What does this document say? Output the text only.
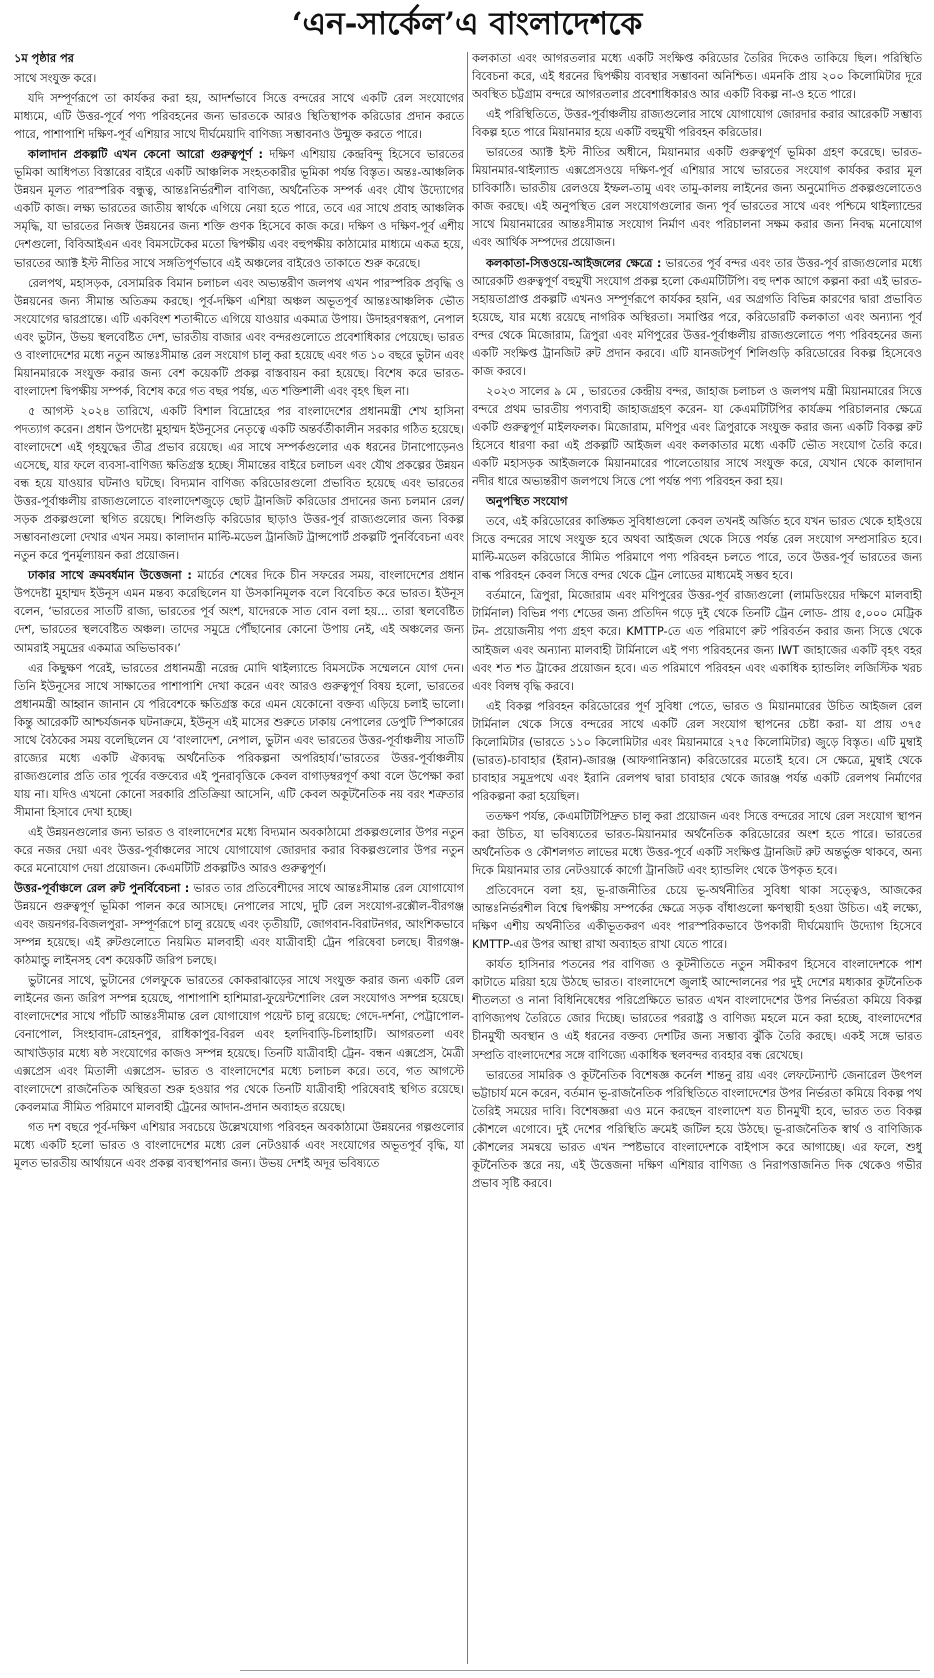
‘এন-সার্কেল’এ বাংলাদেশকে

১ম পৃষ্ঠার পর

সাথে সংযুক্ত করে।

যদি সম্পূর্ণরূপে তা কার্যকর করা হয়, আদর্শভাবে সিত্তে বন্দরের সাথে একটি রেল সংযোগের মাধ্যমে, এটি উত্তর-পূর্বে পণ্য পরিবহনের জন্য ভারতকে আরও স্থিতিস্থাপক করিডোর প্রদান করতে পারে, পাশাপাশি দক্ষিণ-পূর্ব এশিয়ার সাথে দীর্ঘমেয়াদি বাণিজ্য সম্ভাবনাও উন্মুক্ত করতে পারে।

কালাদান প্রকল্পটি এখন কেনো আরো গুরুত্বপূর্ণ : দক্ষিণ এশিয়ায় কেন্দ্রবিন্দু হিসেবে ভারতের ভূমিকা আধিপত্য বিস্তারের বাইরে একটি আঞ্চলিক সংহতকারীর ভূমিকা পর্যন্ত বিস্তৃত। অন্তঃ-আঞ্চলিক উন্নয়ন মূলত পারস্পরিক বন্ধুত্ব, আন্তঃনির্ভরশীল বাণিজ্য, অর্থনৈতিক সম্পর্ক এবং যৌথ উদ্যোগের একটি কাজ। লক্ষ্য ভারতের জাতীয় স্বার্থকে এগিয়ে নেয়া হতে পারে, তবে এর সাথে প্রবাহ আঞ্চলিক সমৃদ্ধি, যা ভারতের নিজস্ব উন্নয়নের জন্য শক্তি গুণক হিসেবে কাজ করে। দক্ষিণ ও দক্ষিণ-পূর্ব এশীয় দেশগুলো, বিবিআইএন এবং বিমসটেকের মতো দ্বিপক্ষীয় এবং বহুপক্ষীয় কাঠামোর মাধ্যমে একত্র হয়ে, ভারতের অ্যাক্ট ইস্ট নীতির সাথে সঙ্গতিপূর্ণভাবে এই অঞ্চলের বাইরেও তাকাতে শুরু করেছে।

রেলপথ, মহাসড়ক, বেসামরিক বিমান চলাচল এবং অভ্যন্তরীণ জলপথ এখন পারস্পরিক প্রবৃদ্ধি ও উন্নয়নের জন্য সীমান্ত অতিক্রম করছে। পূর্ব-দক্ষিণ এশিয়া অঞ্চল অভূতপূর্ব আন্তঃআঞ্চলিক ভৌত সংযোগের দ্বারপ্রান্তে। এটি একবিংশ শতাব্দীতে এগিয়ে যাওয়ার একমাত্র উপায়। উদাহরণস্বরূপ, নেপাল এবং ভুটান, উভয় স্থলবেষ্টিত দেশ, ভারতীয় বাজার এবং বন্দরগুলোতে প্রবেশাধিকার পেয়েছে। ভারত ও বাংলাদেশের মধ্যে নতুন আন্তঃসীমান্ত রেল সংযোগ চালু করা হয়েছে এবং গত ১০ বছরে ভুটান এবং মিয়ানমারকে সংযুক্ত করার জন্য বেশ কয়েকটি প্রকল্প বাস্তবায়ন করা হয়েছে। বিশেষ করে ভারত-বাংলাদেশ দ্বিপক্ষীয় সম্পর্ক, বিশেষ করে গত বছর পর্যন্ত, এত শক্তিশালী এবং বৃহৎ ছিল না।

৫ আগস্ট ২০২৪ তারিখে, একটি বিশাল বিদ্রোহের পর বাংলাদেশের প্রধানমন্ত্রী শেখ হাসিনা পদত্যাগ করেন। প্রধান উপদেষ্টা মুহাম্মদ ইউনূসের নেতৃত্বে একটি অন্তর্বর্তীকালীন সরকার গঠিত হয়েছে। বাংলাদেশে এই গৃহযুদ্ধের তীব্র প্রভাব রয়েছে। এর সাথে সম্পর্কগুলোর এক ধরনের টানাপোড়েনও এসেছে, যার ফলে ব্যবসা-বাণিজ্য ক্ষতিগ্রস্ত হচ্ছে। সীমান্তের বাইরে চলাচল এবং যৌথ প্রকল্পের উন্নয়ন বন্ধ হয়ে যাওয়ার ঘটনাও ঘটছে। বিদ্যমান বাণিজ্য করিডোরগুলো প্রভাবিত হয়েছে এবং ভারতের উত্তর-পূর্বাঞ্চলীয় রাজ্যগুলোতে বাংলাদেশজুড়ে ছোট ট্রানজিট করিডোর প্রদানের জন্য চলমান রেল/সড়ক প্রকল্পগুলো স্থগিত রয়েছে। শিলিগুড়ি করিডোর ছাড়াও উত্তর-পূর্ব রাজ্যগুলোর জন্য বিকল্প সম্ভাবনাগুলো দেখার এখন সময়। কালাদান মাল্টি-মডেল ট্রানজিট ট্রান্সপোর্ট প্রকল্পটি পুনর্বিবেচনা এবং নতুন করে পুনর্মূল্যায়ন করা প্রয়োজন।

ঢাকার সাথে ক্রমবর্ধমান উত্তেজনা : মার্চের শেষের দিকে চীন সফরের সময়, বাংলাদেশের প্রধান উপদেষ্টা মুহাম্মদ ইউনূস এমন মন্তব্য করেছিলেন যা উসকানিমূলক বলে বিবেচিত করে ভারত। ইউনূস বলেন, ‘ভারতের সাতটি রাজ্য, ভারতের পূর্ব অংশ, যাদেরকে সাত বোন বলা হয়... তারা স্থলবেষ্টিত দেশ, ভারতের স্থলবেষ্টিত অঞ্চল। তাদের সমুদ্রে পৌঁছানোর কোনো উপায় নেই, এই অঞ্চলের জন্য আমরাই সমুদ্রের একমাত্র অভিভাবক।’

এর কিছুক্ষণ পরেই, ভারতের প্রধানমন্ত্রী নরেন্দ্র মোদি থাইল্যান্ডে বিমসটেক সম্মেলনে যোগ দেন। তিনি ইউনূসের সাথে সাক্ষাতের পাশাপাশি দেখা করেন এবং আরও গুরুত্বপূর্ণ বিষয় হলো, ভারতের প্রধানমন্ত্রী আহ্বান জানান যে পরিবেশকে ক্ষতিগ্রস্ত করে এমন যেকোনো বক্তব্য এড়িয়ে চলাই ভালো। কিন্তু আরেকটি আশ্চর্যজনক ঘটনাক্রমে, ইউনূস এই মাসের শুরুতে ঢাকায় নেপালের ডেপুটি স্পিকারের সাথে বৈঠকের সময় বলেছিলেন যে ‘বাংলাদেশ, নেপাল, ভুটান এবং ভারতের উত্তর-পূর্বাঞ্চলীয় সাতটি রাজ্যের মধ্যে একটি ঐক্যবদ্ধ অর্থনৈতিক পরিকল্পনা অপরিহার্য।’ভারতের উত্তর-পূর্বাঞ্চলীয় রাজ্যগুলোর প্রতি তার পূর্বের বক্তব্যের এই পুনরাবৃত্তিকে কেবল বাগাড়ম্বরপূর্ণ কথা বলে উপেক্ষা করা যায় না। যদিও এখনো কোনো সরকারি প্রতিক্রিয়া আসেনি, এটি কেবল অকূটনৈতিক নয় বরং শত্রুতার সীমানা হিসাবে দেখা হচ্ছে।

এই উন্নয়নগুলোর জন্য ভারত ও বাংলাদেশের মধ্যে বিদ্যমান অবকাঠামো প্রকল্পগুলোর উপর নতুন করে নজর দেয়া এবং উত্তর-পূর্বাঞ্চলের সাথে যোগাযোগ জোরদার করার বিকল্পগুলোর উপর নতুন করে মনোযোগ দেয়া প্রয়োজন। কেএমটিটি প্রকল্পটিও আরও গুরুত্বপূর্ণ।

উত্তর-পূর্বাঞ্চলে রেল রুট পুনর্বিবেচনা : ভারত তার প্রতিবেশীদের সাথে আন্তঃসীমান্ত রেল যোগাযোগ উন্নয়নে গুরুত্বপূর্ণ ভূমিকা পালন করে আসছে। নেপালের সাথে, দুটি রেল সংযোগ-রক্সৌল-বীরগঞ্জ এবং জয়নগর-বিজলপুরা- সম্পূর্ণরূপে চালু রয়েছে এবং তৃতীয়টি, জোগবান-বিরাটনগর, আংশিকভাবে সম্পন্ন হয়েছে। এই রুটগুলোতে নিয়মিত মালবাহী এবং যাত্রীবাহী ট্রেন পরিষেবা চলছে। বীরগঞ্জ-কাঠমান্ডু লাইনসহ বেশ কয়েকটি জরিপ চলছে।

ভুটানের সাথে, ভুটানের গেলফুকে ভারতের কোকরাঝাড়ের সাথে সংযুক্ত করার জন্য একটি রেল লাইনের জন্য জরিপ সম্পন্ন হয়েছে, পাশাপাশি হাশিমারা-ফুয়েন্টশোলিং রেল সংযোগও সম্পন্ন হয়েছে। বাংলাদেশের সাথে পাঁচটি আন্তঃসীমান্ত রেল যোগাযোগ পয়েন্ট চালু রয়েছে: গেদে-দর্শনা, পেট্রাপোল-বেনাপোল, সিংহাবাদ-রোহনপুর, রাধিকাপুর-বিরল এবং হলদিবাড়ি-চিলাহাটি। আগরতলা এবং আখাউড়ার মধ্যে ষষ্ঠ সংযোগের কাজও সম্পন্ন হয়েছে। তিনটি যাত্রীবাহী ট্রেন- বন্ধন এক্সপ্রেস, মৈত্রী এক্সপ্রেস এবং মিতালী এক্সপ্রেস- ভারত ও বাংলাদেশের মধ্যে চলাচল করে। তবে, গত আগস্টে বাংলাদেশে রাজনৈতিক অস্থিরতা শুরু হওয়ার পর থেকে তিনটি যাত্রীবাহী পরিষেবাই স্থগিত রয়েছে। কেবলমাত্র সীমিত পরিমাণে মালবাহী ট্রেনের আদান-প্রদান অব্যাহত রয়েছে।

গত দশ বছরে পূর্ব-দক্ষিণ এশিয়ার সবচেয়ে উল্লেখযোগ্য পরিবহন অবকাঠামো উন্নয়নের গল্পগুলোর মধ্যে একটি হলো ভারত ও বাংলাদেশের মধ্যে রেল নেটওয়ার্ক এবং সংযোগের অভূতপূর্ব বৃদ্ধি, যা মূলত ভারতীয় আর্থায়নে এবং প্রকল্প ব্যবস্থাপনার জন্য। উভয় দেশই অদূর ভবিষ্যতে

কলকাতা এবং আগরতলার মধ্যে একটি সংক্ষিপ্ত করিডোর তৈরির দিকেও তাকিয়ে ছিল। পরিস্থিতি বিবেচনা করে, এই ধরনের দ্বিপক্ষীয় ব্যবস্থার সম্ভাবনা অনিশ্চিত। এমনকি প্রায় ২০০ কিলোমিটার দূরে অবস্থিত চট্টগ্রাম বন্দরে আগরতলার প্রবেশাধিকারও আর একটি বিকল্প না-ও হতে পারে।

এই পরিস্থিতিতে, উত্তর-পূর্বাঞ্চলীয় রাজ্যগুলোর সাথে যোগাযোগ জোরদার করার আরেকটি সম্ভাব্য বিকল্প হতে পারে মিয়ানমার হয়ে একটি বহুমুখী পরিবহন করিডোর।

ভারতের অ্যাক্ট ইস্ট নীতির অধীনে, মিয়ানমার একটি গুরুত্বপূর্ণ ভূমিকা গ্রহণ করেছে। ভারত-মিয়ানমার-থাইল্যান্ড এক্সপ্রেসওয়ে দক্ষিণ-পূর্ব এশিয়ার সাথে ভারতের সংযোগ কার্যকর করার মূল চাবিকাঠি। ভারতীয় রেলওয়ে ইম্ফল-তামু এবং তামু-কালয় লাইনের জন্য অনুমোদিত প্রকল্পগুলোতেও কাজ করছে। এই অনুপস্থিত রেল সংযোগগুলোর জন্য পূর্ব ভারতের সাথে এবং পশ্চিমে থাইল্যান্ডের সাথে মিয়ানমারের আন্তঃসীমান্ত সংযোগ নির্মাণ এবং পরিচালনা সক্ষম করার জন্য নিবদ্ধ মনোযোগ এবং আর্থিক সম্পদের প্রয়োজন।

কলকাতা-সিত্তওয়ে-আইজলের ক্ষেত্রে : ভারতের পূর্ব বন্দর এবং তার উত্তর-পূর্ব রাজ্যগুলোর মধ্যে আরেকটি গুরুত্বপূর্ণ বহুমুখী সংযোগ প্রকল্প হলো কেএমটিটিপি। বহু দশক আগে কল্পনা করা এই ভারত-সহায়তাপ্রাপ্ত প্রকল্পটি এখনও সম্পূর্ণরূপে কার্যকর হয়নি, এর অগ্রগতি বিভিন্ন কারণের দ্বারা প্রভাবিত হয়েছে, যার মধ্যে রয়েছে নাগরিক অস্থিরতা। সমাপ্তির পরে, করিডোরটি কলকাতা এবং অন্যান্য পূর্ব বন্দর থেকে মিজোরাম, ত্রিপুরা এবং মণিপুরের উত্তর-পূর্বাঞ্চলীয় রাজ্যগুলোতে পণ্য পরিবহনের জন্য একটি সংক্ষিপ্ত ট্রানজিট রুট প্রদান করবে। এটি যানজটপূর্ণ শিলিগুড়ি করিডোরের বিকল্প হিসেবেও কাজ করবে।

২০২৩ সালের ৯ মে , ভারতের কেন্দ্রীয় বন্দর, জাহাজ চলাচল ও জলপথ মন্ত্রী মিয়ানমারের সিত্তে বন্দরে প্রথম ভারতীয় পণ্যবাহী জাহাজগ্রহণ করেন- যা কেএমটিটিপির কার্যক্রম পরিচালনার ক্ষেত্রে একটি গুরুত্বপূর্ণ মাইলফলক। মিজোরাম, মণিপুর এবং ত্রিপুরাকে সংযুক্ত করার জন্য একটি বিকল্প রুট হিসেবে ধারণা করা এই প্রকল্পটি আইজল এবং কলকাতার মধ্যে একটি ভৌত সংযোগ তৈরি করে। একটি মহাসড়ক আইজলকে মিয়ানমারের পালেতোয়ার সাথে সংযুক্ত করে, যেখান থেকে কালাদান নদীর ধারে অভ্যন্তরীণ জলপথে সিত্তে পো পর্যন্ত পণ্য পরিবহন করা হয়।

অনুপস্থিত সংযোগ

তবে, এই করিডোরের কাঙ্ক্ষিত সুবিধাগুলো কেবল তখনই অর্জিত হবে যখন ভারত থেকে হাইওয়ে সিত্তে বন্দরের সাথে সংযুক্ত হবে অথবা আইজল থেকে সিত্তে পর্যন্ত রেল সংযোগ সম্প্রসারিত হবে। মাল্টি-মডেল করিডোরে সীমিত পরিমাণে পণ্য পরিবহন চলতে পারে, তবে উত্তর-পূর্ব ভারতের জন্য বাল্ক পরিবহন কেবল সিত্তে বন্দর থেকে ট্রেন লোডের মাধ্যমেই সম্ভব হবে।

বর্তমানে, ত্রিপুরা, মিজোরাম এবং মণিপুরের উত্তর-পূর্ব রাজ্যগুলো (লামডিংয়ের দক্ষিণে মালবাহী টার্মিনাল) বিভিন্ন পণ্য শেডের জন্য প্রতিদিন গড়ে দুই থেকে তিনটি ট্রেন লোড- প্রায় ৫,০০০ মেট্রিক টন- প্রয়োজনীয় পণ্য গ্রহণ করে। KMTTP-তে এত পরিমাণে রুট পরিবর্তন করার জন্য সিত্তে থেকে আইজল এবং অন্যান্য মালবাহী টার্মিনালে এই পণ্য পরিবহনের জন্য IWT জাহাজের একটি বৃহৎ বহর এবং শত শত ট্রাকের প্রয়োজন হবে। এত পরিমাণে পরিবহন এবং একাধিক হ্যান্ডলিং লজিস্টিক খরচ এবং বিলম্ব বৃদ্ধি করবে।

এই বিকল্প পরিবহন করিডোরের পূর্ণ সুবিধা পেতে, ভারত ও মিয়ানমারের উচিত আইজল রেল টার্মিনাল থেকে সিত্তে বন্দরের সাথে একটি রেল সংযোগ স্থাপনের চেষ্টা করা- যা প্রায় ৩৭৫ কিলোমিটার (ভারতে ১১০ কিলোমিটার এবং মিয়ানমারে ২৭৫ কিলোমিটার) জুড়ে বিস্তৃত। এটি মুম্বাই (ভারত)-চাবাহার (ইরান)-জারঞ্জ (আফগানিস্তান) করিডোরের মতোই হবে। সে ক্ষেত্রে, মুম্বাই থেকে চাবাহার সমুদ্রপথে এবং ইরানি রেলপথ দ্বারা চাবাহার থেকে জারঞ্জ পর্যন্ত একটি রেলপথ নির্মাণের পরিকল্পনা করা হয়েছিল।

ততক্ষণ পর্যন্ত, কেএমটিটিপিদ্রুত চালু করা প্রয়োজন এবং সিত্তে বন্দরের সাথে রেল সংযোগ স্থাপন করা উচিত, যা ভবিষ্যতের ভারত-মিয়ানমার অর্থনৈতিক করিডোরের অংশ হতে পারে। ভারতের অর্থনৈতিক ও কৌশলগত লাভের মধ্যে উত্তর-পূর্বে একটি সংক্ষিপ্ত ট্রানজিট রুট অন্তর্ভুক্ত থাকবে, অন্য দিকে মিয়ানমার তার নেটওয়ার্কে কার্গো ট্রানজিট এবং হ্যান্ডলিং থেকে উপকৃত হবে।

প্রতিবেদনে বলা হয়, ভূ-রাজনীতির চেয়ে ভূ-অর্থনীতির সুবিধা থাকা সত্ত্বেও, আজকের আন্তঃনির্ভরশীল বিশ্বে দ্বিপক্ষীয় সম্পর্কের ক্ষেত্রে সড়ক বাঁধাগুলো ক্ষণস্থায়ী হওয়া উচিত। এই লক্ষ্যে, দক্ষিণ এশীয় অর্থনীতির একীভূতকরণ এবং পারস্পরিকভাবে উপকারী দীর্ঘমেয়াদি উদ্যোগ হিসেবে KMTTP-এর উপর আস্থা রাখা অব্যাহত রাখা যেতে পারে।

কার্যত হাসিনার পতনের পর বাণিজ্য ও কূটনীতিতে নতুন সমীকরণ হিসেবে বাংলাদেশকে পাশ কাটাতে মরিয়া হয়ে উঠছে ভারত। বাংলাদেশে জুলাই আন্দোলনের পর দুই দেশের মধ্যকার কূটনৈতিক শীতলতা ও নানা বিধিনিষেধের পরিপ্রেক্ষিতে ভারত এখন বাংলাদেশের উপর নির্ভরতা কমিয়ে বিকল্প বাণিজ্যপথ তৈরিতে জোর দিচ্ছে। ভারতের পররাষ্ট্র ও বাণিজ্য মহলে মনে করা হচ্ছে, বাংলাদেশের চীনমুখী অবস্থান ও এই ধরনের বক্তব্য দেশটির জন্য সম্ভাব্য ঝুঁকি তৈরি করছে। একই সঙ্গে ভারত সম্প্রতি বাংলাদেশের সঙ্গে বাণিজ্যে একাধিক স্থলবন্দর ব্যবহার বন্ধ রেখেছে।

ভারতের সামরিক ও কূটনৈতিক বিশেষজ্ঞ কর্নেল শান্তনু রায় এবং লেফটেন্যান্ট জেনারেল উৎপল ভট্টাচার্য মনে করেন, বর্তমান ভূ-রাজনৈতিক পরিস্থিতিতে বাংলাদেশের উপর নির্ভরতা কমিয়ে বিকল্প পথ তৈরিই সময়ের দাবি। বিশেষজ্ঞরা এও মনে করছেন বাংলাদেশ যত চীনমুখী হবে, ভারত তত বিকল্প কৌশলে এগোবে। দুই দেশের পরিস্থিতি ক্রমেই জটিল হয়ে উঠছে। ভূ-রাজনৈতিক স্বার্থ ও বাণিজ্যিক কৌশলের সমন্বয়ে ভারত এখন স্পষ্টভাবে বাংলাদেশকে বাইপাস করে আগাচ্ছে। এর ফলে, শুধু কূটনৈতিক স্তরে নয়, এই উত্তেজনা দক্ষিণ এশিয়ার বাণিজ্য ও নিরাপত্তাজনিত দিক থেকেও গভীর প্রভাব সৃষ্টি করবে।
